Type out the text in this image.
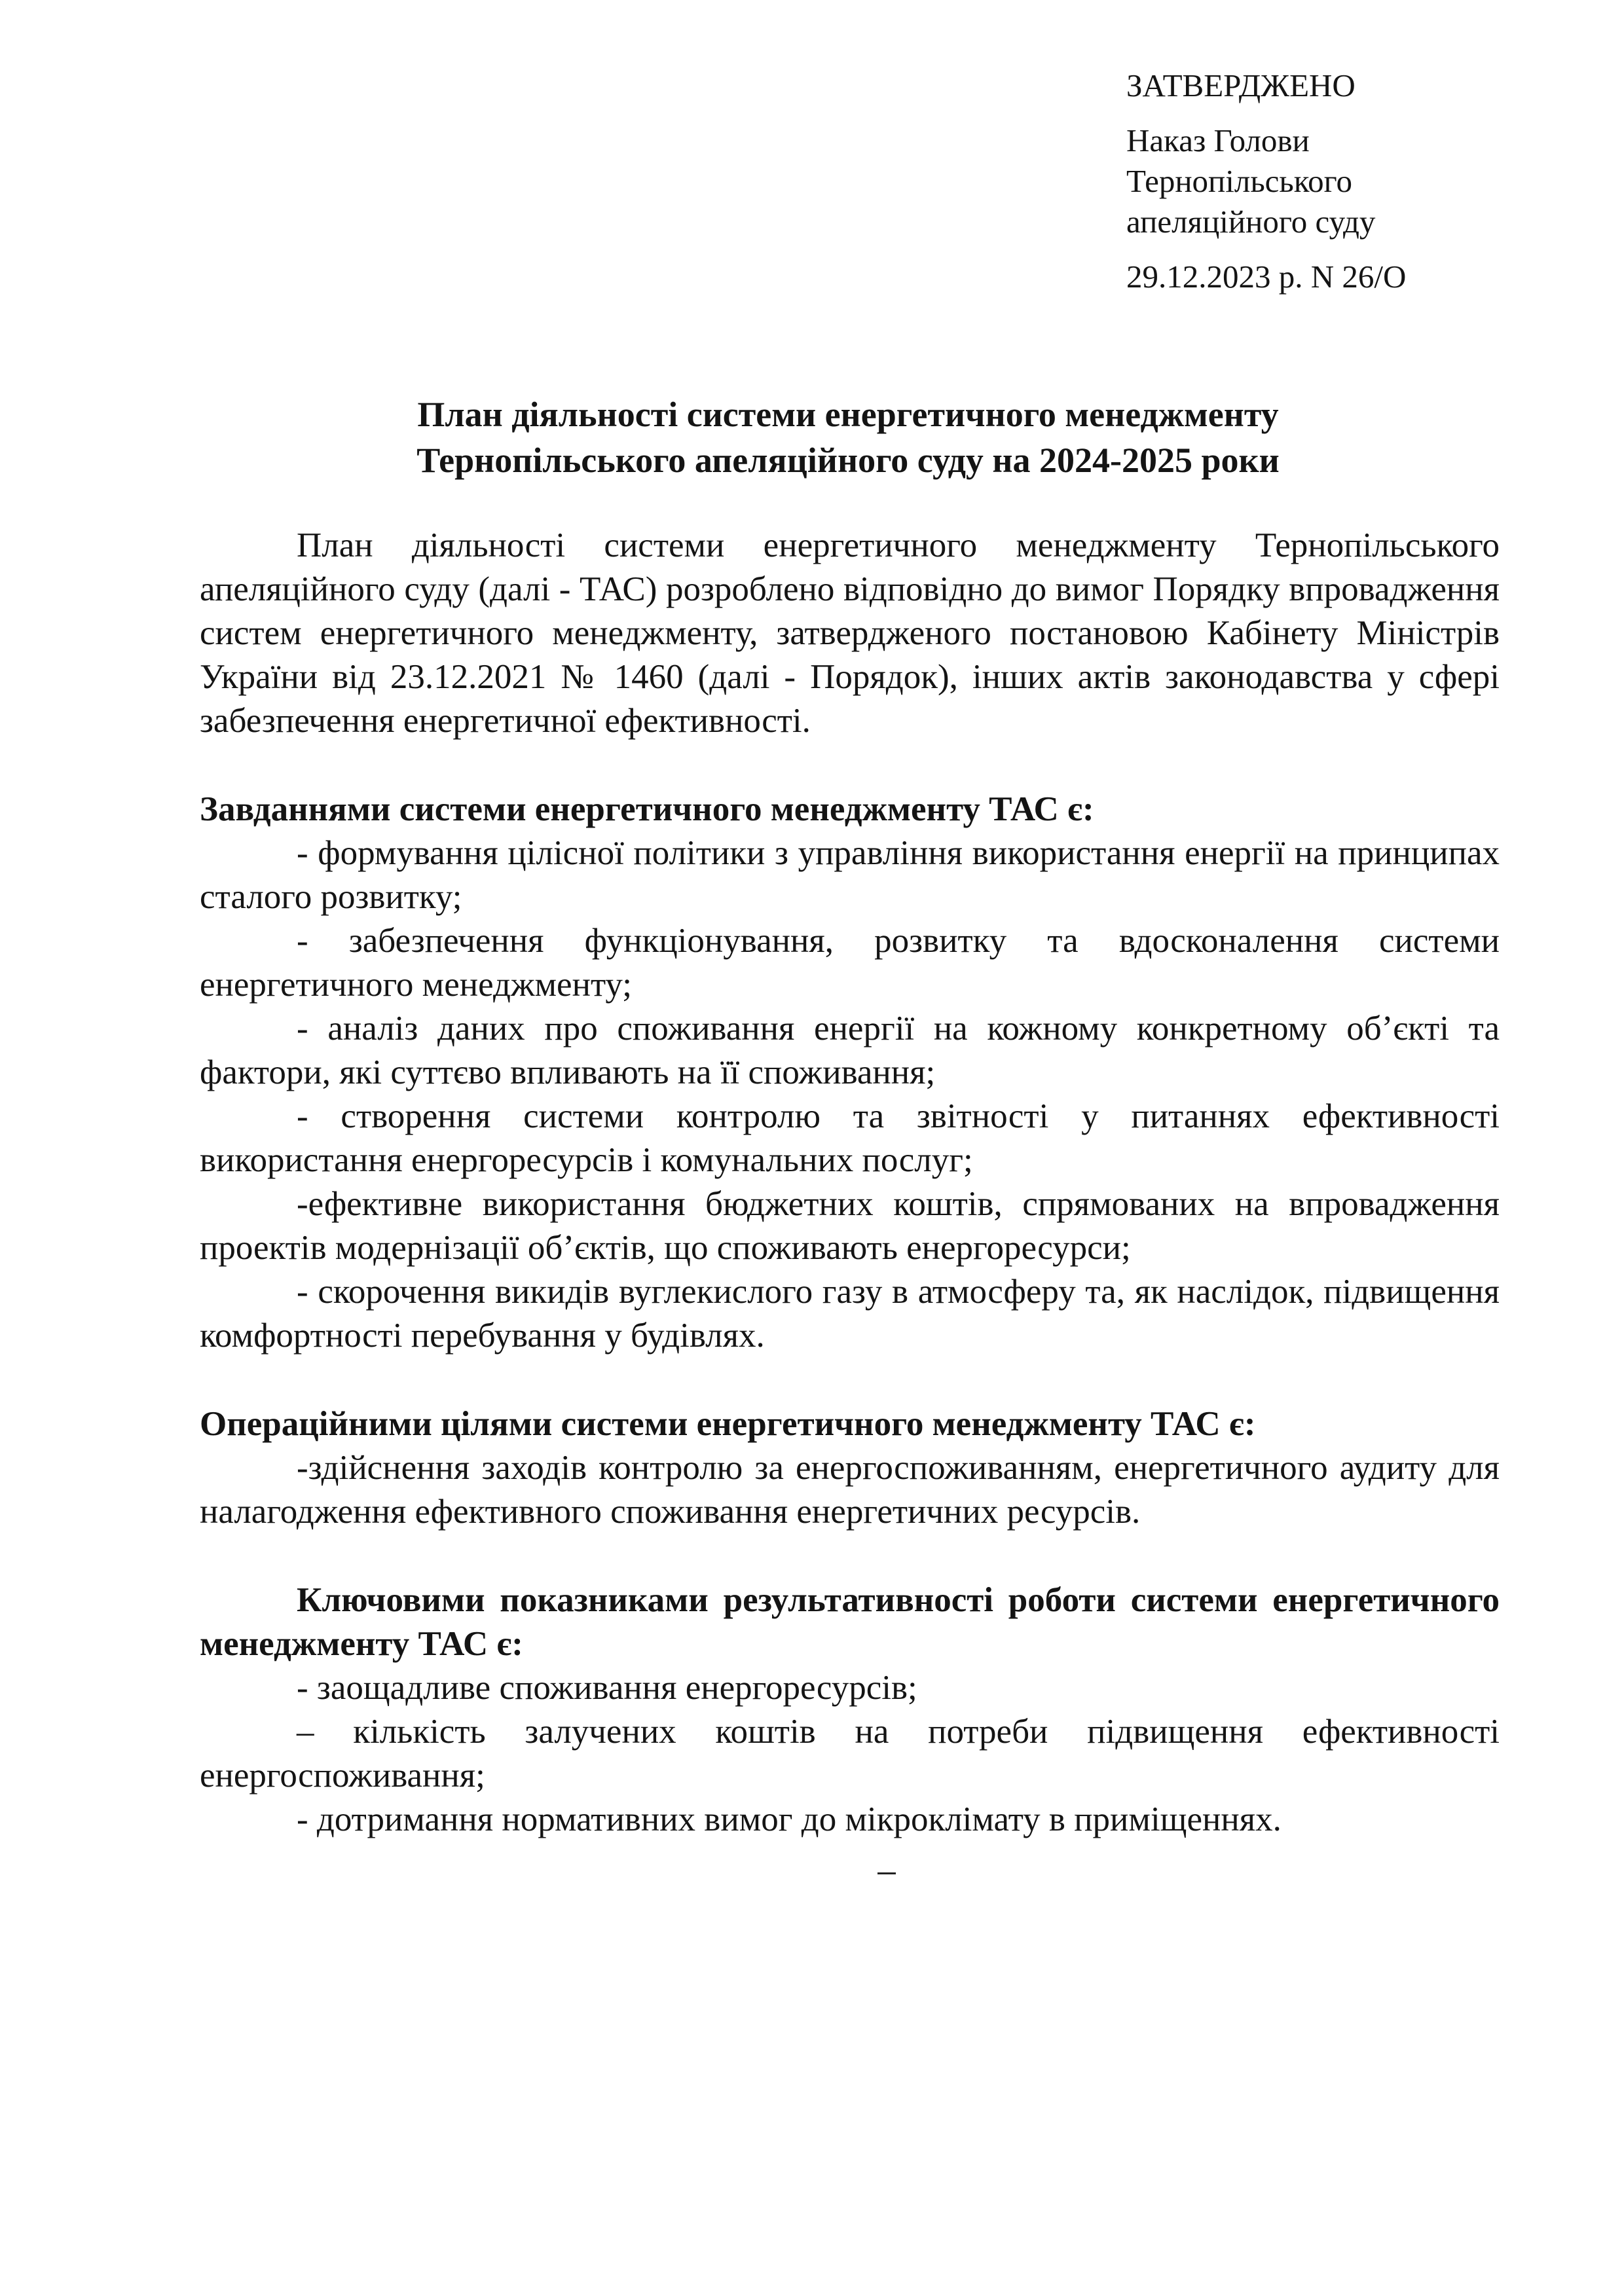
ЗАТВЕРДЖЕНО
Наказ Голови
Тернопільського
апеляційного суду
29.12.2023 р. N 26/О
План діяльності системи енергетичного менеджменту
Тернопільського апеляційного суду на 2024-2025 роки

План діяльності системи енергетичного менеджменту Тернопільського апеляційного суду (далі - ТАС) розроблено відповідно до вимог Порядку впровадження систем енергетичного менеджменту, затвердженого постановою Кабінету Міністрів України від 23.12.2021 № 1460 (далі - Порядок), інших актів законодавства у сфері забезпечення енергетичної ефективності.

Завданнями системи енергетичного менеджменту ТАС є:

- формування цілісної політики з управління використання енергії на принципах сталого розвитку;

- забезпечення функціонування, розвитку та вдосконалення системи енергетичного менеджменту;

- аналіз даних про споживання енергії на кожному конкретному об’єкті та фактори, які суттєво впливають на її споживання;

- створення системи контролю та звітності у питаннях ефективності використання енергоресурсів і комунальних послуг;

-ефективне використання бюджетних коштів, спрямованих на впровадження проектів модернізації об’єктів, що споживають енергоресурси;

- скорочення викидів вуглекислого газу в атмосферу та, як наслідок, підвищення комфортності перебування у будівлях.

Операційними цілями системи енергетичного менеджменту ТАС є:

-здійснення заходів контролю за енергоспоживанням, енергетичного аудиту для налагодження ефективного споживання енергетичних ресурсів.

Ключовими показниками результативності роботи системи енергетичного менеджменту ТАС є:

- заощадливе споживання енергоресурсів;

– кількість залучених коштів на потреби підвищення ефективності енергоспоживання;

- дотримання нормативних вимог до мікроклімату в приміщеннях.
